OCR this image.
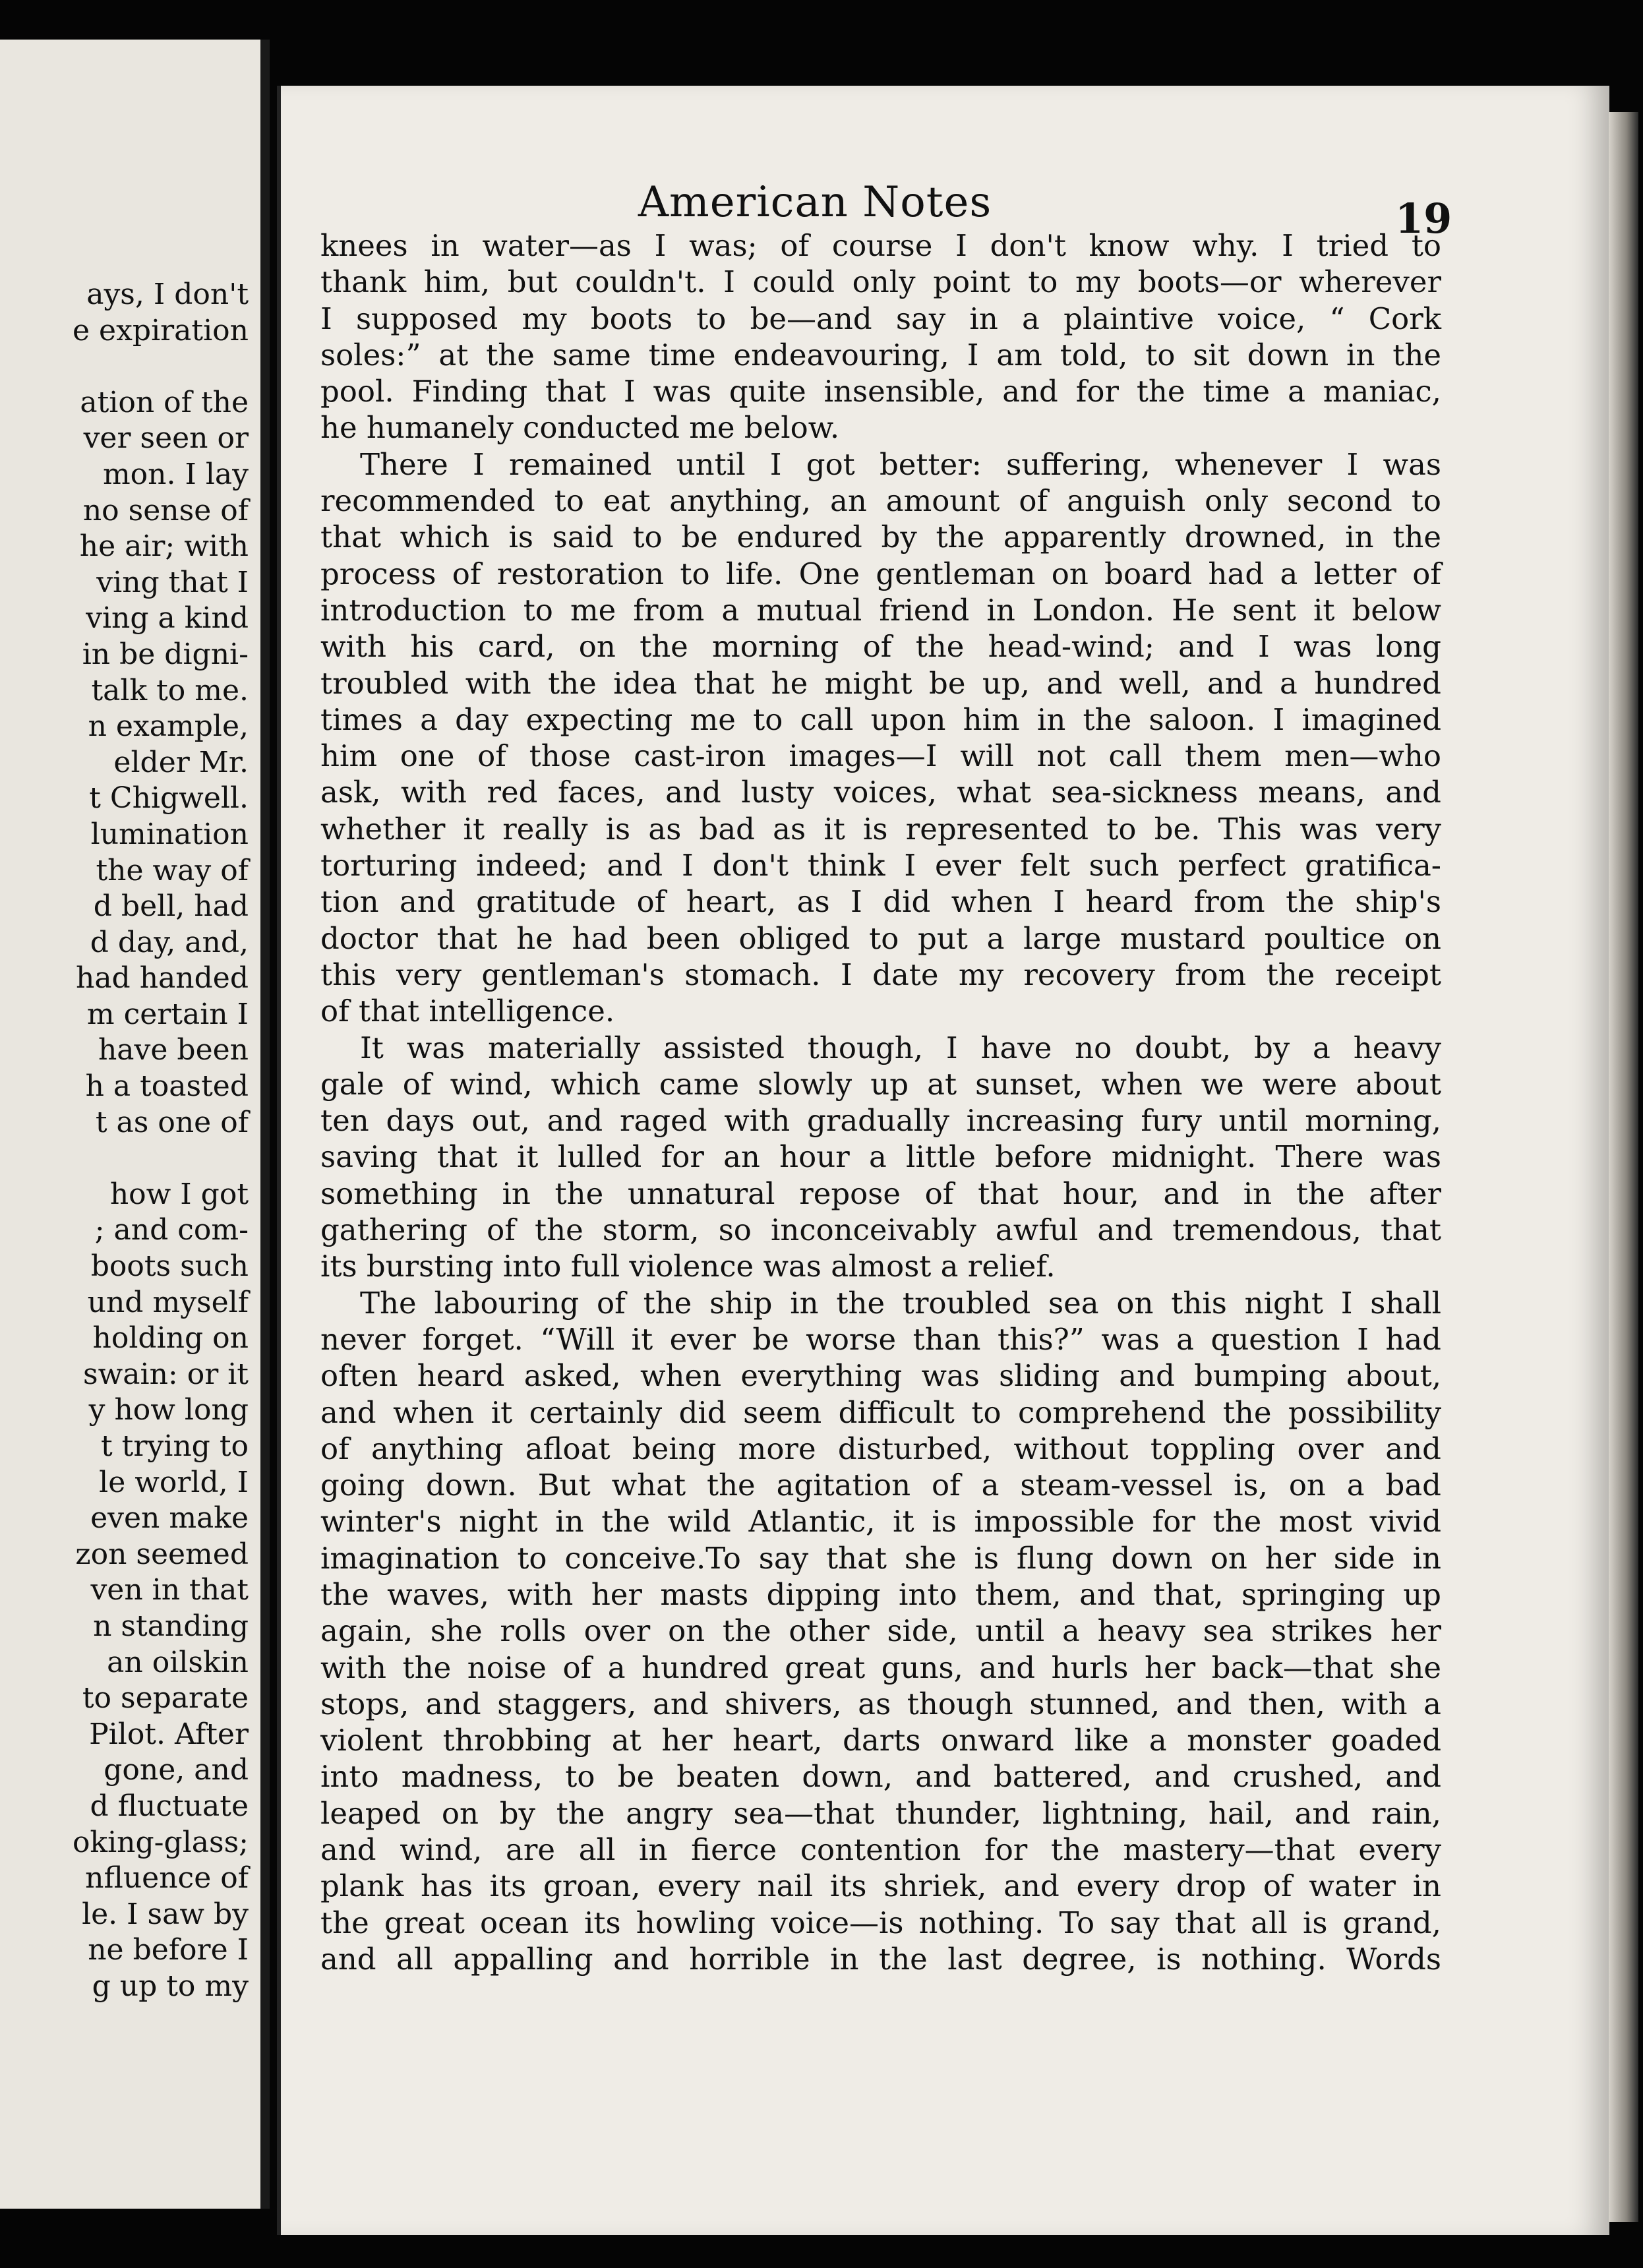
ays, I don't
e expiration
ation of the
ver seen or
mon. I lay
no sense of
he air; with
ving that I
ving a kind
in be digni-
talk to me.
n example,
elder Mr.
t Chigwell.
lumination
the way of
d bell, had
d day, and,
had handed
m certain I
have been
h a toasted
t as one of
how I got
; and com-
boots such
und myself
holding on
swain: or it
y how long
t trying to
le world, I
even make
zon seemed
ven in that
n standing
an oilskin
to separate
Pilot. After
gone, and
d fluctuate
oking-glass;
nfluence of
le. I saw by
ne before I
g up to my
American Notes	19
knees in water—as I was; of course I don't know why. I tried to
thank him, but couldn't. I could only point to my boots—or wherever
I supposed my boots to be—and say in a plaintive voice, “ Cork
soles:” at the same time endeavouring, I am told, to sit down in the
pool. Finding that I was quite insensible, and for the time a maniac,
he humanely conducted me below.
There I remained until I got better: suffering, whenever I was
recommended to eat anything, an amount of anguish only second to
that which is said to be endured by the apparently drowned, in the
process of restoration to life. One gentleman on board had a letter of
introduction to me from a mutual friend in London. He sent it below
with his card, on the morning of the head-wind; and I was long
troubled with the idea that he might be up, and well, and a hundred
times a day expecting me to call upon him in the saloon. I imagined
him one of those cast-iron images—I will not call them men—who
ask, with red faces, and lusty voices, what sea-sickness means, and
whether it really is as bad as it is represented to be. This was very
torturing indeed; and I don't think I ever felt such perfect gratifica-
tion and gratitude of heart, as I did when I heard from the ship's
doctor that he had been obliged to put a large mustard poultice on
this very gentleman's stomach. I date my recovery from the receipt
of that intelligence.
It was materially assisted though, I have no doubt, by a heavy
gale of wind, which came slowly up at sunset, when we were about
ten days out, and raged with gradually increasing fury until morning,
saving that it lulled for an hour a little before midnight. There was
something in the unnatural repose of that hour, and in the after
gathering of the storm, so inconceivably awful and tremendous, that
its bursting into full violence was almost a relief.
The labouring of the ship in the troubled sea on this night I shall
never forget. “Will it ever be worse than this?” was a question I had
often heard asked, when everything was sliding and bumping about,
and when it certainly did seem difficult to comprehend the possibility
of anything afloat being more disturbed, without toppling over and
going down. But what the agitation of a steam-vessel is, on a bad
winter's night in the wild Atlantic, it is impossible for the most vivid
imagination to conceive.To say that she is flung down on her side in
the waves, with her masts dipping into them, and that, springing up
again, she rolls over on the other side, until a heavy sea strikes her
with the noise of a hundred great guns, and hurls her back—that she
stops, and staggers, and shivers, as though stunned, and then, with a
violent throbbing at her heart, darts onward like a monster goaded
into madness, to be beaten down, and battered, and crushed, and
leaped on by the angry sea—that thunder, lightning, hail, and rain,
and wind, are all in fierce contention for the mastery—that every
plank has its groan, every nail its shriek, and every drop of water in
the great ocean its howling voice—is nothing. To say that all is grand,
and all appalling and horrible in the last degree, is nothing. Words
